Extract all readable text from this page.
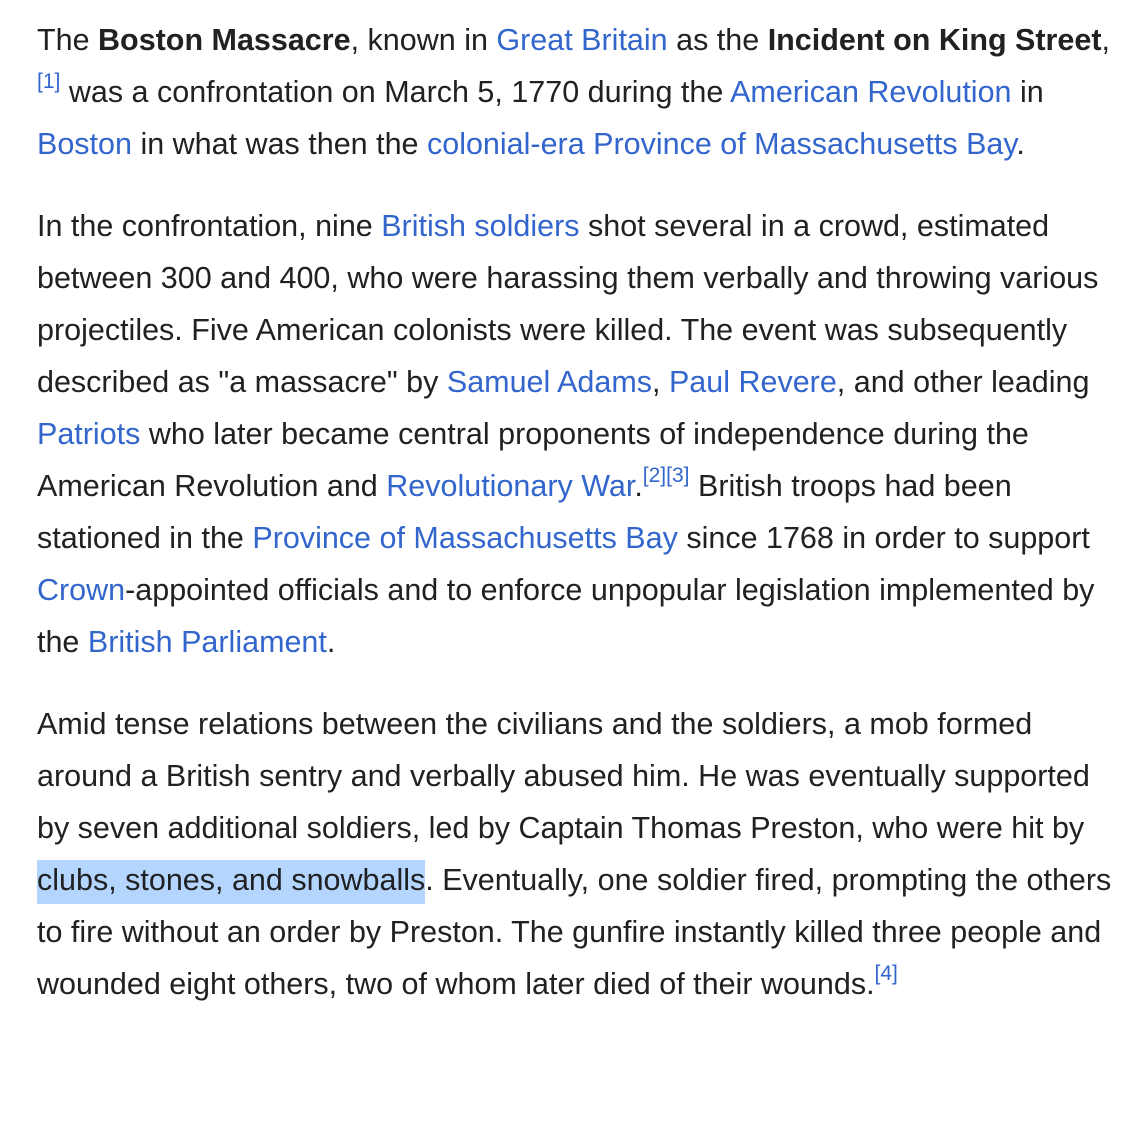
The Boston Massacre, known in Great Britain as the Incident on King Street,[1] was a confrontation on March 5, 1770 during the American Revolution in Boston in what was then the colonial-era Province of Massachusetts Bay.

In the confrontation, nine British soldiers shot several in a crowd, estimated between 300 and 400, who were harassing them verbally and throwing various projectiles. Five American colonists were killed. The event was subsequently described as "a massacre" by Samuel Adams, Paul Revere, and other leading Patriots who later became central proponents of independence during the American Revolution and Revolutionary War.[2][3] British troops had been stationed in the Province of Massachusetts Bay since 1768 in order to support Crown-appointed officials and to enforce unpopular legislation implemented by the British Parliament.

Amid tense relations between the civilians and the soldiers, a mob formed around a British sentry and verbally abused him. He was eventually supported by seven additional soldiers, led by Captain Thomas Preston, who were hit by clubs, stones, and snowballs. Eventually, one soldier fired, prompting the others to fire without an order by Preston. The gunfire instantly killed three people and wounded eight others, two of whom later died of their wounds.[4]
